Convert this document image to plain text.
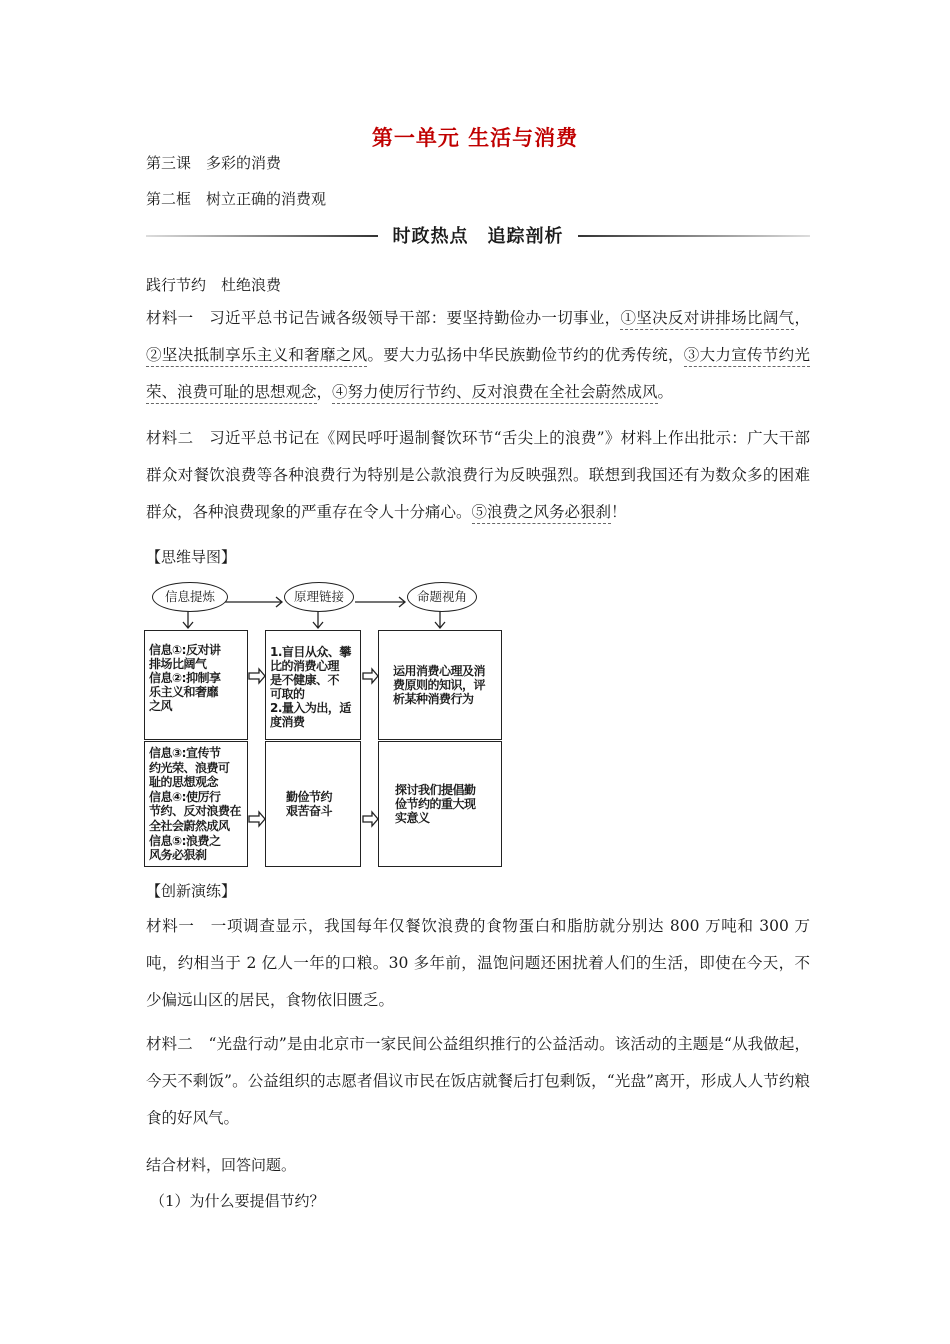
第一单元 生活与消费
第三课　多彩的消费
第二框　树立正确的消费观
时政热点　追踪剖析
践行节约　杜绝浪费

材料一　习近平总书记告诫各级领导干部：要坚持勤俭办一切事业，①坚决反对讲排场比阔气，②坚决抵制享乐主义和奢靡之风。要大力弘扬中华民族勤俭节约的优秀传统，③大力宣传节约光荣、浪费可耻的思想观念，④努力使厉行节约、反对浪费在全社会蔚然成风。

材料二　习近平总书记在《网民呼吁遏制餐饮环节“舌尖上的浪费”》材料上作出批示：广大干部群众对餐饮浪费等各种浪费行为特别是公款浪费行为反映强烈。联想到我国还有为数众多的困难群众，各种浪费现象的严重存在令人十分痛心。⑤浪费之风务必狠刹！

【思维导图】
信息提炼	原理链接	命题视角
信息①:反对讲
排场比阔气
信息②:抑制享
乐主义和奢靡
之风
1.盲目从众、攀
比的消费心理
是不健康、不
可取的
2.量入为出，适
度消费
运用消费心理及消
费原则的知识，评
析某种消费行为
信息③:宣传节
约光荣、浪费可
耻的思想观念
信息④:使厉行
节约、反对浪费在
全社会蔚然成风
信息⑤:浪费之
风务必狠刹
勤俭节约
艰苦奋斗
探讨我们提倡勤
俭节约的重大现
实意义
【创新演练】

材料一　一项调查显示，我国每年仅餐饮浪费的食物蛋白和脂肪就分别达 800 万吨和 300 万吨，约相当于 2 亿人一年的口粮。30 多年前，温饱问题还困扰着人们的生活，即使在今天，不少偏远山区的居民，食物依旧匮乏。

材料二　“光盘行动”是由北京市一家民间公益组织推行的公益活动。该活动的主题是“从我做起，今天不剩饭”。公益组织的志愿者倡议市民在饭店就餐后打包剩饭，“光盘”离开，形成人人节约粮食的好风气。

结合材料，回答问题。
（1）为什么要提倡节约？
